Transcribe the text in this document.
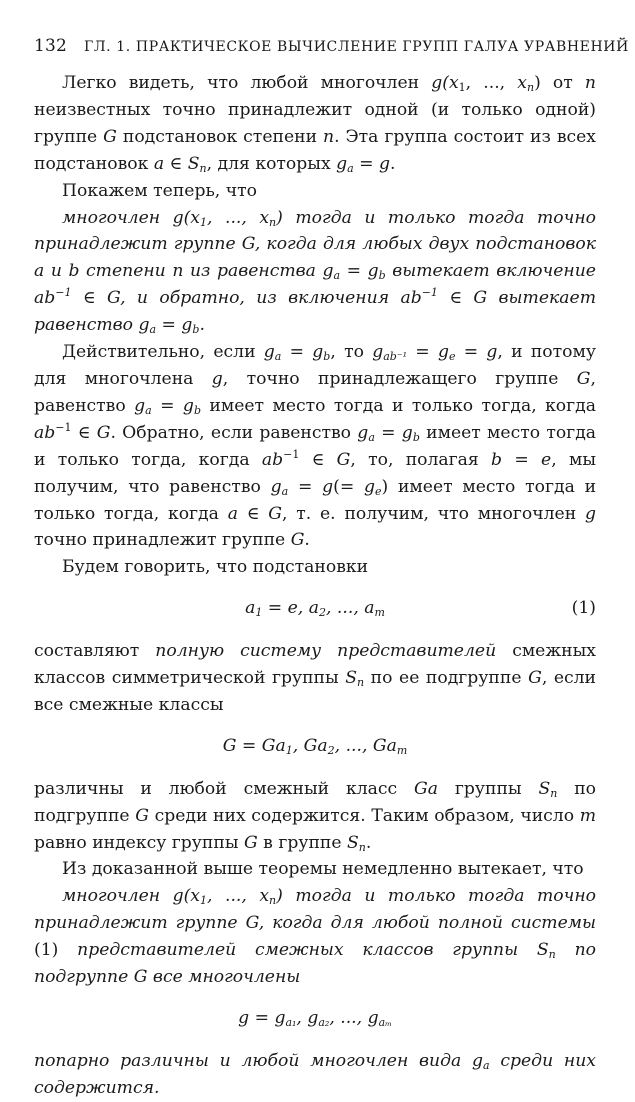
132 ГЛ. 1. ПРАКТИЧЕСКОЕ ВЫЧИСЛЕНИЕ ГРУПП ГАЛУА УРАВНЕНИЙ

Легко видеть, что любой многочлен $g(x_1$, ..., $x_n$) от n неизвестных точно принадлежит одной (и только одной) группе G подстановок степени n. Эта группа состоит из всех подстановок a ∈ $S_n$, для которых $g_a = g$.

Покажем теперь, что

многочлен $g(x_1$, ..., $x_n$) тогда и только тогда точно принадлежит группе G, когда для любых двух подстановок a и b степени n из равенства $g_a = g_b$ вытекает включение $ab^{-1}$ ∈ G, и обратно, из включения $ab^{-1}$ ∈ G вытекает равенство $g_a = g_b$.

Действительно, если $g_a = g_b$, то $g_{ab^{-1}} = g_e = g$, и потому для многочлена g, точно принадлежащего группе G, равенство $g_a = g_b$ имеет место тогда и только тогда, когда $ab^{-1}$ ∈ G. Обратно, если равенство $g_a = g_b$ имеет место тогда и только тогда, когда $ab^{-1}$ ∈ G, то, полагая b = e, мы получим, что равенство $g_a = g(= g_e)$ имеет место тогда и только тогда, когда a ∈ G, т. е. получим, что многочлен g точно принадлежит группе G.

Будем говорить, что подстановки

$a_1 = e$, $a_2$, ..., $a_m$	(1)

составляют полную систему представителей смежных классов симметрической группы $S_n$ по ее подгруппе G, если все смежные классы

$G = Ga_1$, $Ga_2$, ..., $Ga_m$

различны и любой смежный класс Ga группы $S_n$ по подгруппе G среди них содержится. Таким образом, число m равно индексу группы G в группе $S_n$.

Из доказанной выше теоремы немедленно вытекает, что

многочлен $g(x_1$, ..., $x_n$) тогда и только тогда точно принадлежит группе G, когда для любой полной системы (1) представителей смежных классов группы $S_n$ по подгруппе G все многочлены

$g = g_{a_1}$, $g_{a_2}$, ..., $g_{a_m}$

попарно различны и любой многочлен вида $g_a$ среди них содержится.
